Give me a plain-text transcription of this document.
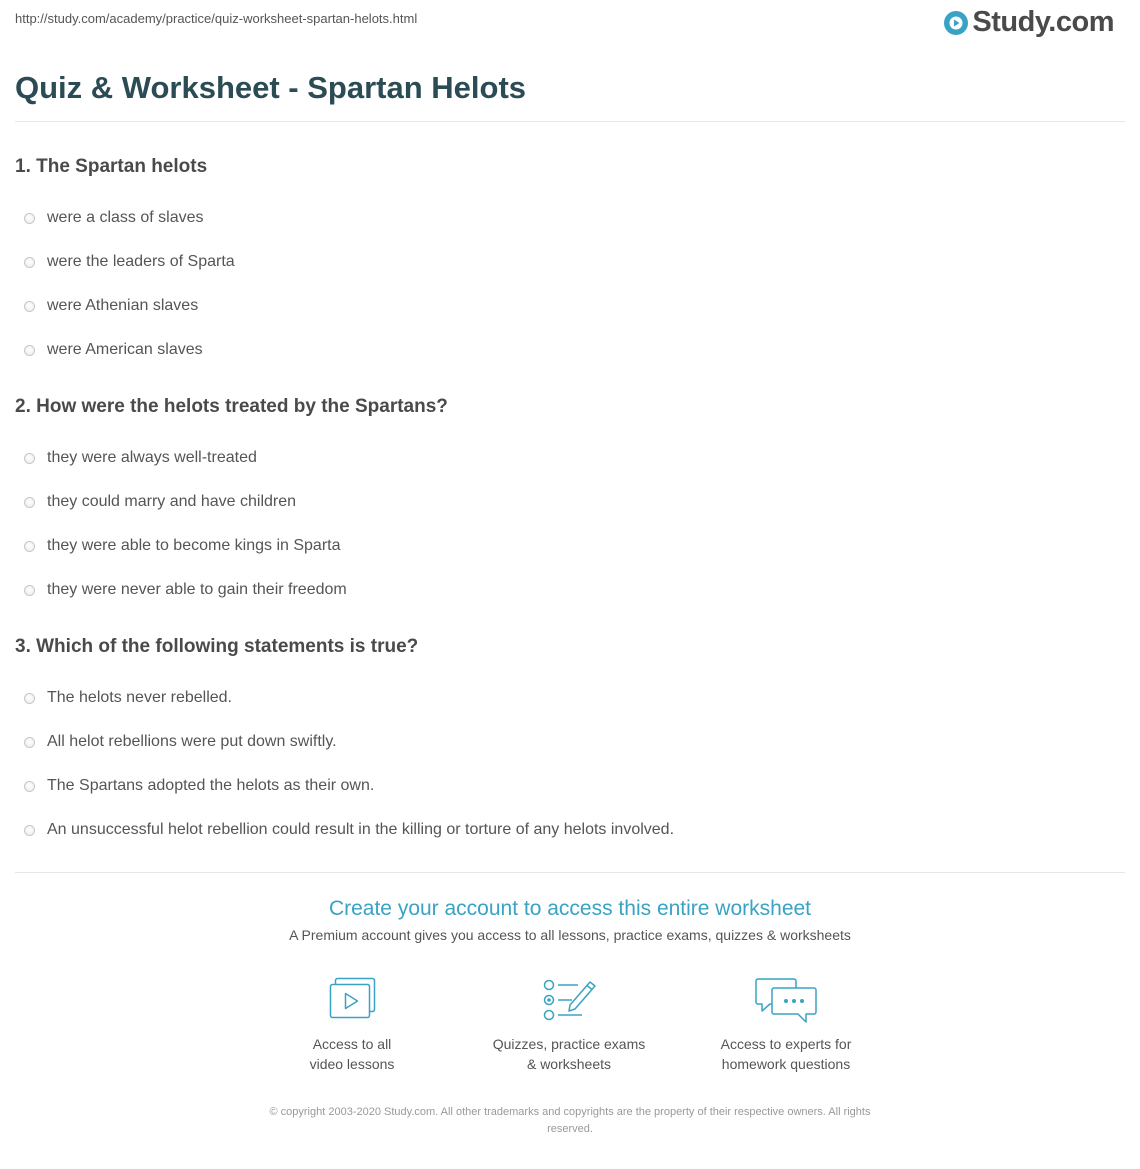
http://study.com/academy/practice/quiz-worksheet-spartan-helots.html	Study.com
Quiz & Worksheet - Spartan Helots
1. The Spartan helots
were a class of slaves
were the leaders of Sparta
were Athenian slaves
were American slaves
2. How were the helots treated by the Spartans?
they were always well-treated
they could marry and have children
they were able to become kings in Sparta
they were never able to gain their freedom
3. Which of the following statements is true?
The helots never rebelled.
All helot rebellions were put down swiftly.
The Spartans adopted the helots as their own.
An unsuccessful helot rebellion could result in the killing or torture of any helots involved.
Create your account to access this entire worksheet
A Premium account gives you access to all lessons, practice exams, quizzes & worksheets
Access to all
video lessons
Quizzes, practice exams
& worksheets
Access to experts for
homework questions
© copyright 2003-2020 Study.com. All other trademarks and copyrights are the property of their respective owners. All rights
reserved.
